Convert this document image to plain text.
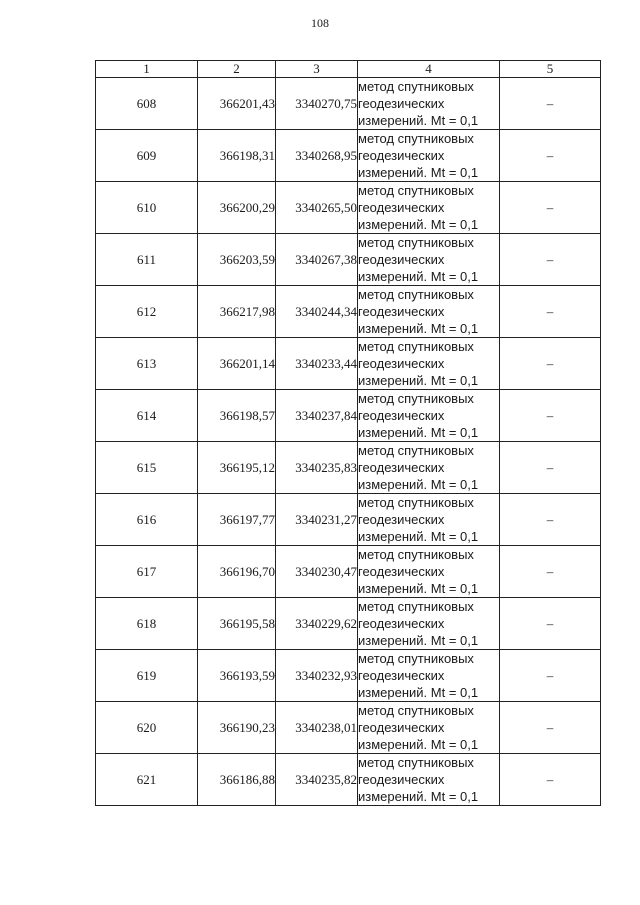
108
1	2	3	4	5
608	366201,43	3340270,75	метод спутниковых
геодезических
измерений. Mt = 0,1	–
609	366198,31	3340268,95	метод спутниковых
геодезических
измерений. Mt = 0,1	–
610	366200,29	3340265,50	метод спутниковых
геодезических
измерений. Mt = 0,1	–
611	366203,59	3340267,38	метод спутниковых
геодезических
измерений. Mt = 0,1	–
612	366217,98	3340244,34	метод спутниковых
геодезических
измерений. Mt = 0,1	–
613	366201,14	3340233,44	метод спутниковых
геодезических
измерений. Mt = 0,1	–
614	366198,57	3340237,84	метод спутниковых
геодезических
измерений. Mt = 0,1	–
615	366195,12	3340235,83	метод спутниковых
геодезических
измерений. Mt = 0,1	–
616	366197,77	3340231,27	метод спутниковых
геодезических
измерений. Mt = 0,1	–
617	366196,70	3340230,47	метод спутниковых
геодезических
измерений. Mt = 0,1	–
618	366195,58	3340229,62	метод спутниковых
геодезических
измерений. Mt = 0,1	–
619	366193,59	3340232,93	метод спутниковых
геодезических
измерений. Mt = 0,1	–
620	366190,23	3340238,01	метод спутниковых
геодезических
измерений. Mt = 0,1	–
621	366186,88	3340235,82	метод спутниковых
геодезических
измерений. Mt = 0,1	–
